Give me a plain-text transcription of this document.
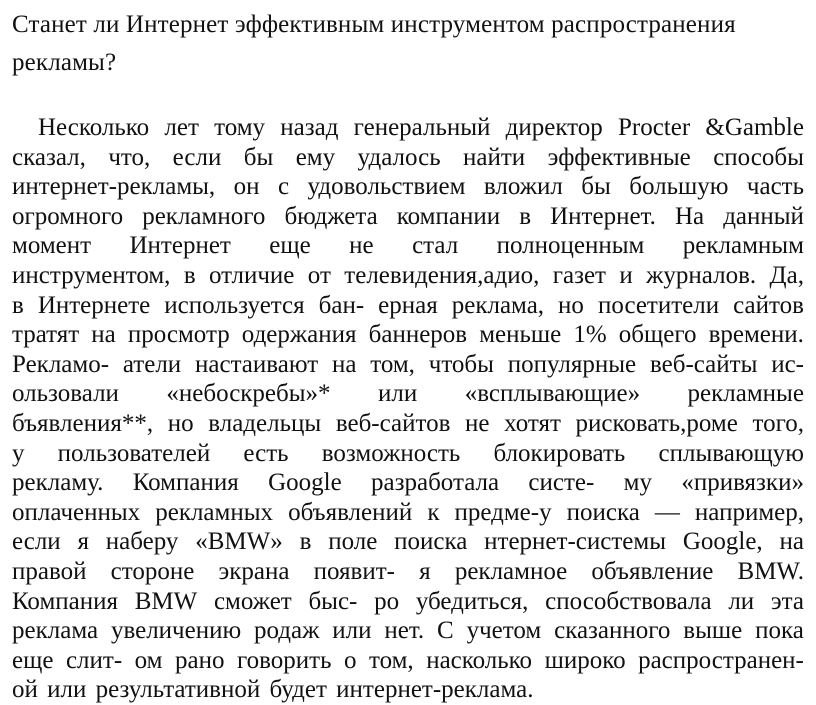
Станет ли Интернет эффективным инструментом распространения
рекламы?
Несколько лет тому назад генеральный директор Procter &Gamble
сказал, что, если бы ему удалось найти эффективные способы
интернет-рекламы, он с удовольствием вложил бы большую часть
огромного рекламного бюджета компании в Интернет. На данный
момент Интернет еще не стал полноценным рекламным
инструментом, в отличие от телевидения,адио, газет и журналов. Да,
в Интернете используется бан- ерная реклама, но посетители сайтов
тратят на просмотр одержания баннеров меньше 1% общего времени.
Рекламо- атели настаивают на том, чтобы популярные веб-сайты ис-
ользовали «небоскребы»* или «всплывающие» рекламные
бъявления**, но владельцы веб-сайтов не хотят рисковать,роме того,
у пользователей есть возможность блокировать сплывающую
рекламу. Компания Google разработала систе- му «привязки»
оплаченных рекламных объявлений к предме-у поиска — например,
если я наберу «BMW» в поле поиска нтернет-системы Google, на
правой стороне экрана появит- я рекламное объявление BMW.
Компания BMW сможет быс- ро убедиться, способствовала ли эта
реклама увеличению родаж или нет. С учетом сказанного выше пока
еще слит- ом рано говорить о том, насколько широко распространен-
ой или результативной будет интернет-реклама.
